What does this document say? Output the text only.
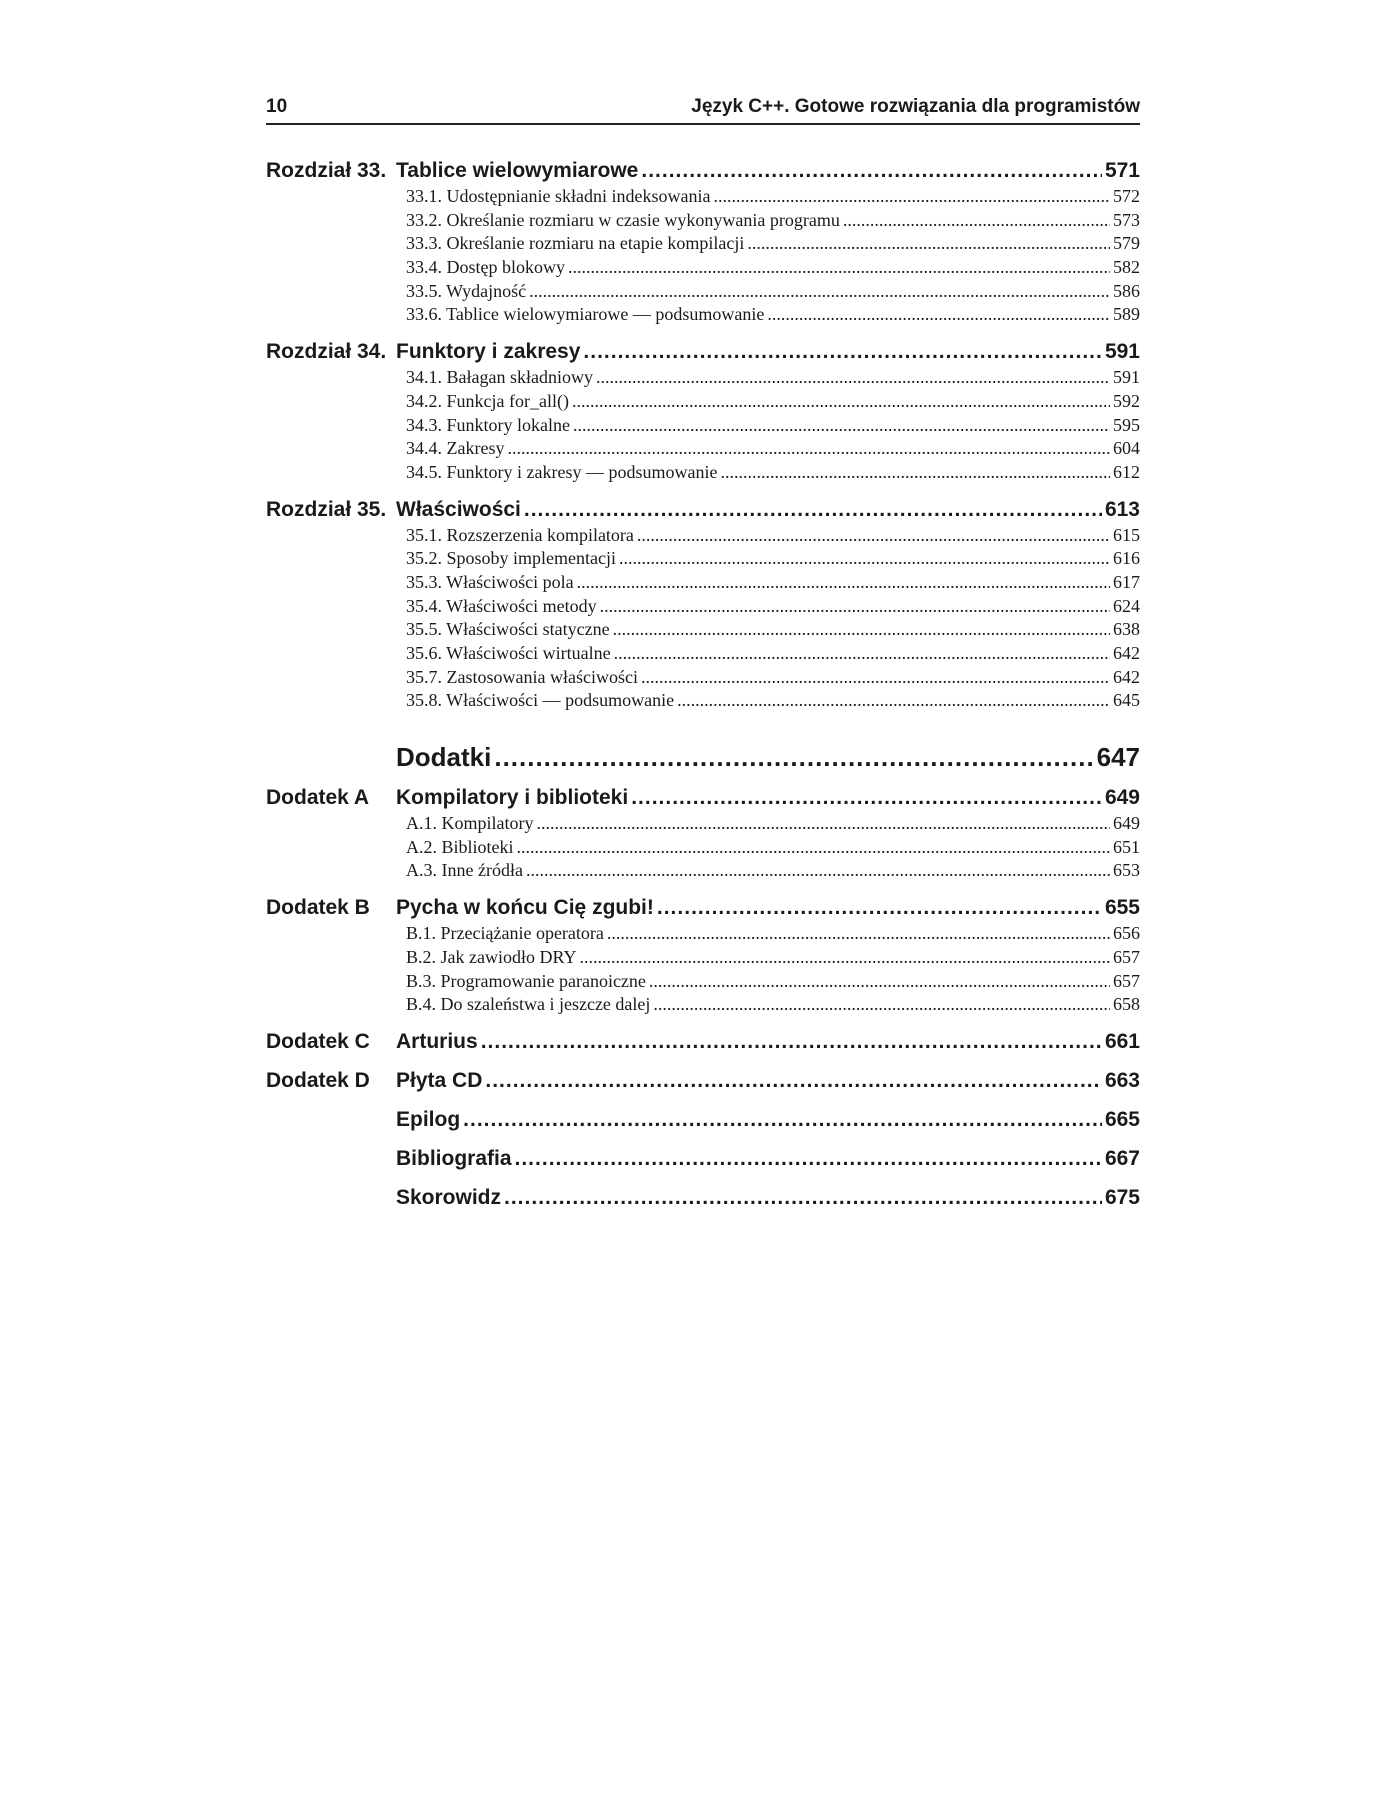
10	Język C++. Gotowe rozwiązania dla programistów
Rozdział 33. Tablice wielowymiarowe .....	571
33.1. Udostępnianie składni indeksowania .....	572
33.2. Określanie rozmiaru w czasie wykonywania programu .....	573
33.3. Określanie rozmiaru na etapie kompilacji .....	579
33.4. Dostęp blokowy .....	582
33.5. Wydajność .....	586
33.6. Tablice wielowymiarowe — podsumowanie .....	589
Rozdział 34. Funktory i zakresy .....	591
34.1. Bałagan składniowy .....	591
34.2. Funkcja for_all() .....	592
34.3. Funktory lokalne .....	595
34.4. Zakresy .....	604
34.5. Funktory i zakresy — podsumowanie .....	612
Rozdział 35. Właściwości .....	613
35.1. Rozszerzenia kompilatora .....	615
35.2. Sposoby implementacji .....	616
35.3. Właściwości pola .....	617
35.4. Właściwości metody .....	624
35.5. Właściwości statyczne .....	638
35.6. Właściwości wirtualne .....	642
35.7. Zastosowania właściwości .....	642
35.8. Właściwości — podsumowanie .....	645
Dodatki .....	647
Dodatek A	Kompilatory i biblioteki .....	649
A.1. Kompilatory .....	649
A.2. Biblioteki .....	651
A.3. Inne źródła .....	653
Dodatek B	Pycha w końcu Cię zgubi! .....	655
B.1. Przeciążanie operatora .....	656
B.2. Jak zawiodło DRY .....	657
B.3. Programowanie paranoiczne .....	657
B.4. Do szaleństwa i jeszcze dalej .....	658
Dodatek C	Arturius .....	661
Dodatek D	Płyta CD .....	663
Epilog .....	665
Bibliografia .....	667
Skorowidz .....	675
